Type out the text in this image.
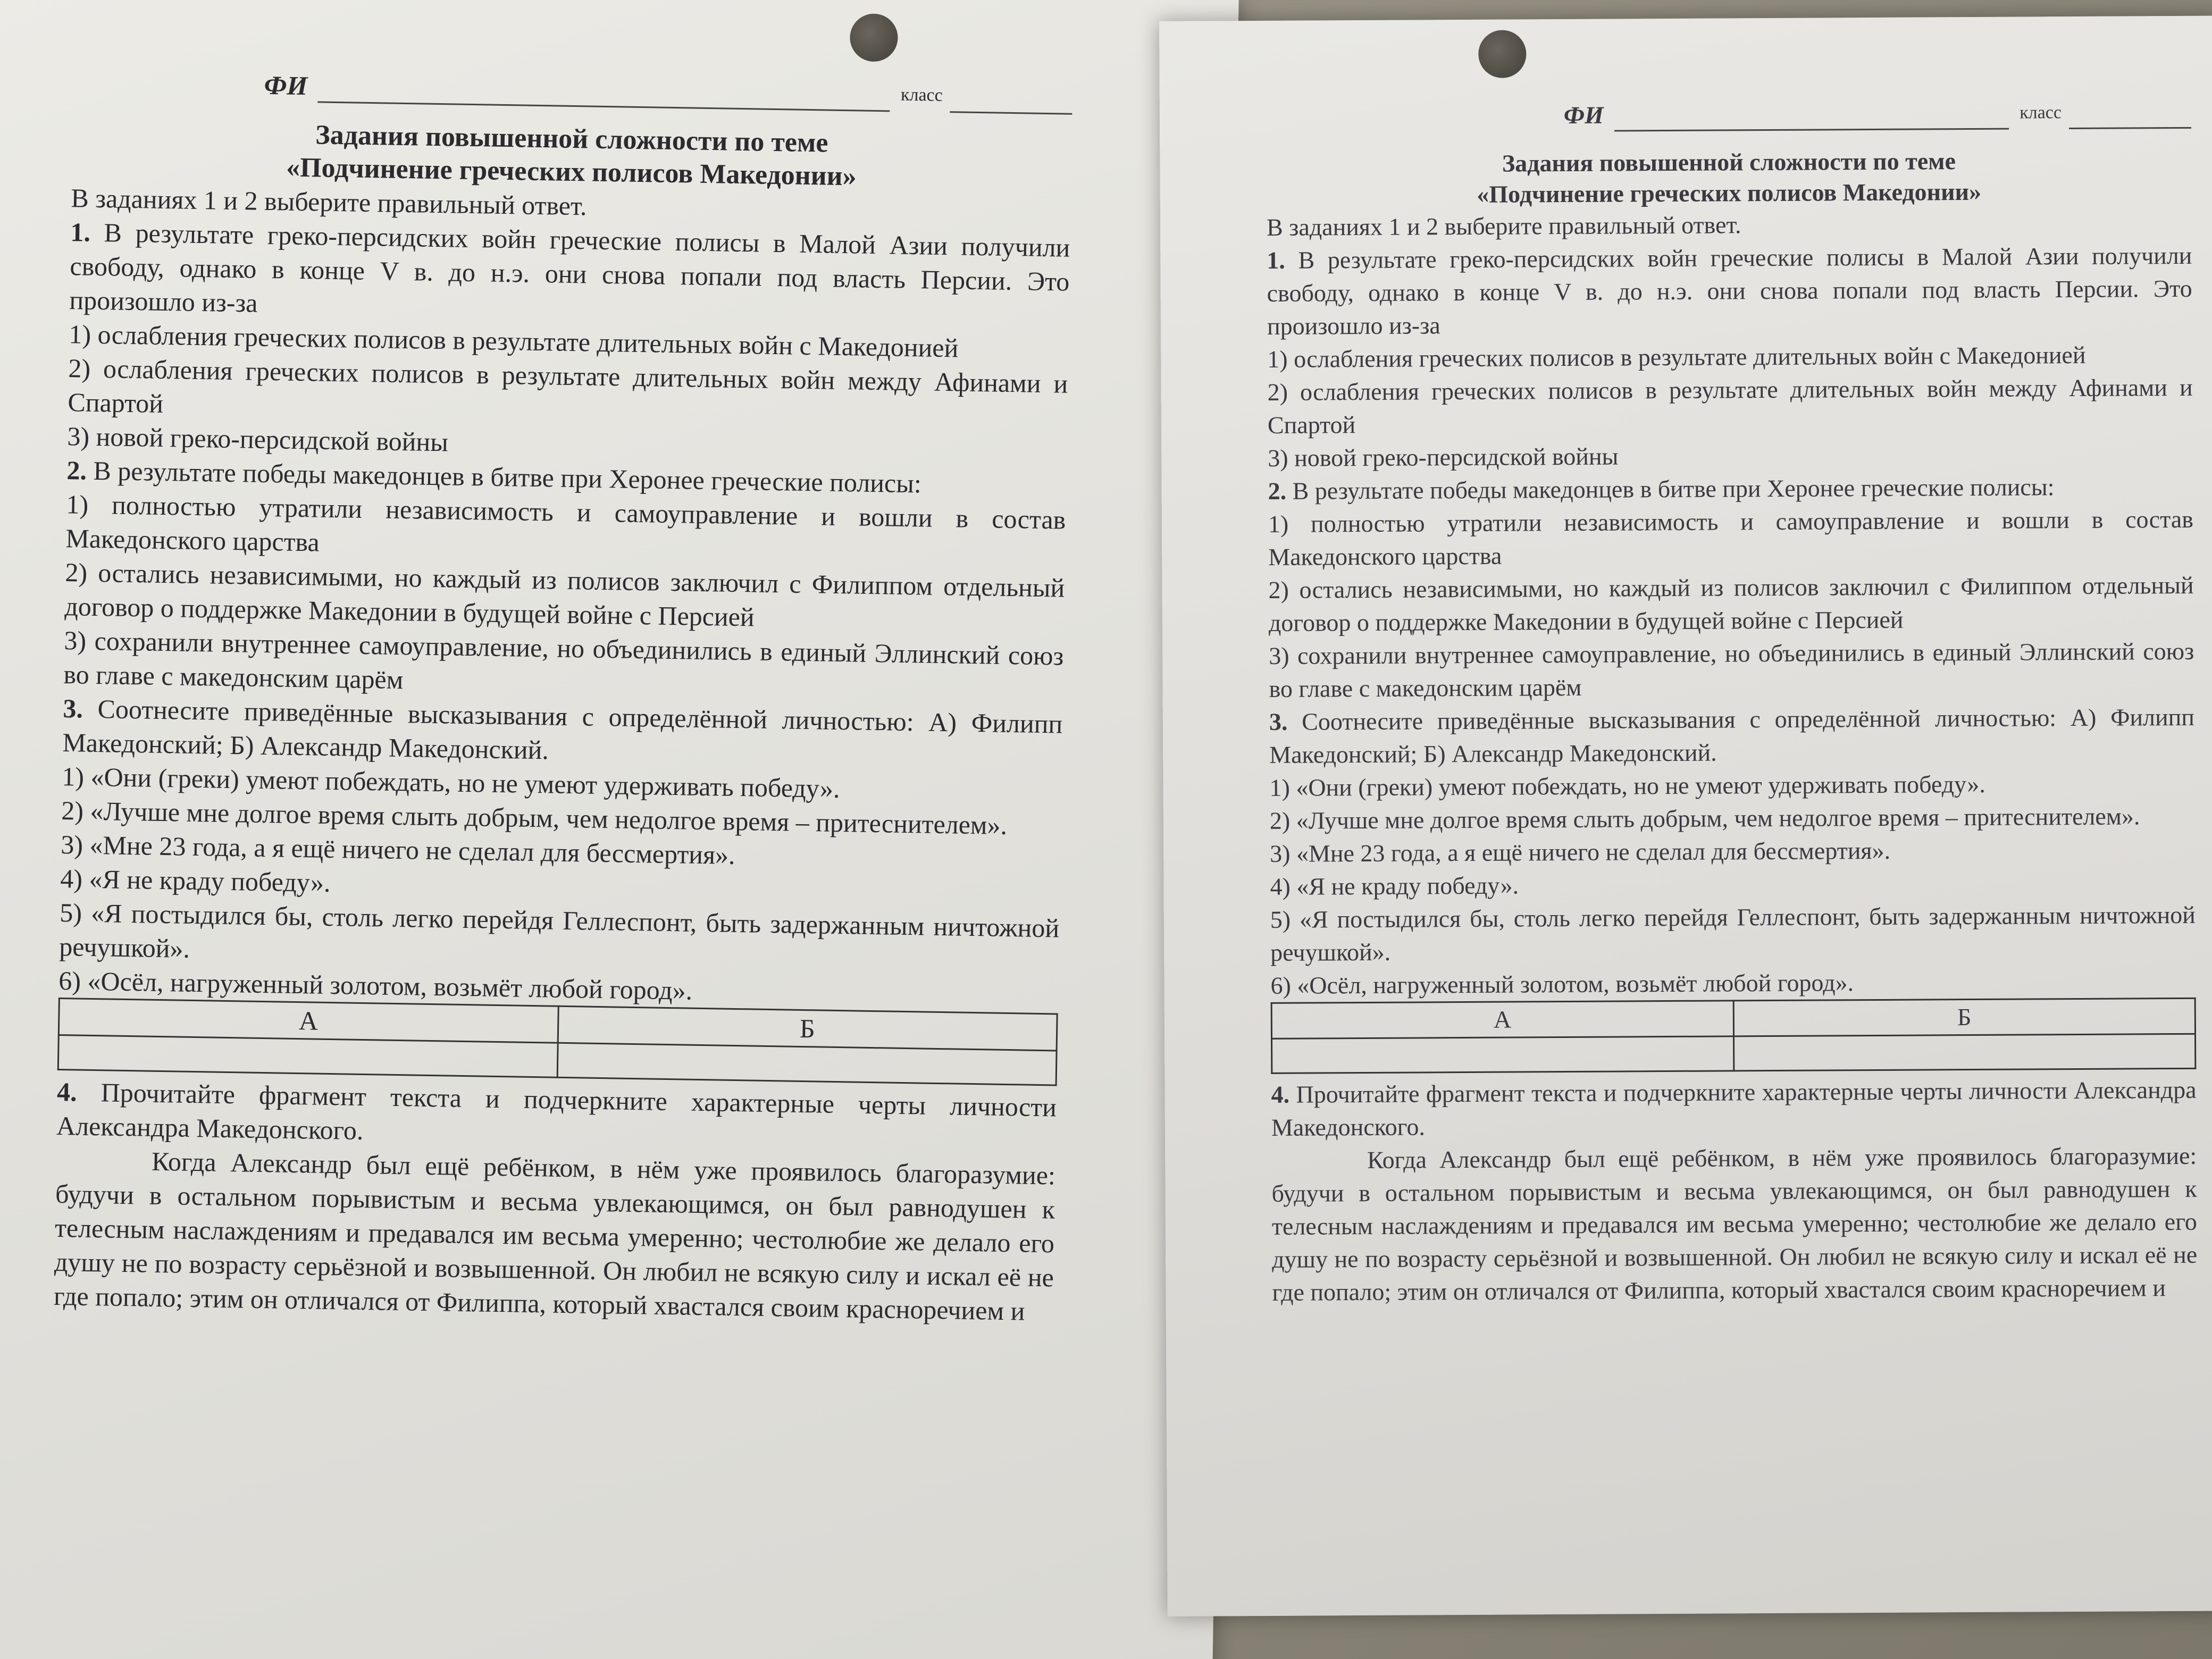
ФИ	класс
Задания повышенной сложности по теме
«Подчинение греческих полисов Македонии»

В заданиях 1 и 2 выберите правильный ответ.

1. В результате греко-персидских войн греческие полисы в Малой Азии получили свободу, однако в конце V в. до н.э. они снова попали под власть Персии. Это произошло из-за

1) ослабления греческих полисов в результате длительных войн с Македонией

2) ослабления греческих полисов в результате длительных войн между Афинами и Спартой

3) новой греко-персидской войны

2. В результате победы македонцев в битве при Херонее греческие полисы:

1) полностью утратили независимость и самоуправление и вошли в состав Македонского царства

2) остались независимыми, но каждый из полисов заключил с Филиппом отдельный договор о поддержке Македонии в будущей войне с Персией

3) сохранили внутреннее самоуправление, но объединились в единый Эллинский союз во главе с македонским царём

3. Соотнесите приведённые высказывания с определённой личностью: А) Филипп Македонский; Б) Александр Македонский.

1) «Они (греки) умеют побеждать, но не умеют удерживать победу».

2) «Лучше мне долгое время слыть добрым, чем недолгое время – притеснителем».

3) «Мне 23 года, а я ещё ничего не сделал для бессмертия».

4) «Я не краду победу».

5) «Я постыдился бы, столь легко перейдя Геллеспонт, быть задержанным ничтожной речушкой».

6) «Осёл, нагруженный золотом, возьмёт любой город».

А	Б

4. Прочитайте фрагмент текста и подчеркните характерные черты личности Александра Македонского.

Когда Александр был ещё ребёнком, в нём уже проявилось благоразумие: будучи в остальном порывистым и весьма увлекающимся, он был равнодушен к телесным наслаждениям и предавался им весьма умеренно; честолюбие же делало его душу не по возрасту серьёзной и возвышенной. Он любил не всякую силу и искал её не где попало; этим он отличался от Филиппа, который хвастался своим красноречием и

ФИ	класс
Задания повышенной сложности по теме
«Подчинение греческих полисов Македонии»

В заданиях 1 и 2 выберите правильный ответ.

1. В результате греко-персидских войн греческие полисы в Малой Азии получили свободу, однако в конце V в. до н.э. они снова попали под власть Персии. Это произошло из-за

1) ослабления греческих полисов в результате длительных войн с Македонией

2) ослабления греческих полисов в результате длительных войн между Афинами и Спартой

3) новой греко-персидской войны

2. В результате победы македонцев в битве при Херонее греческие полисы:

1) полностью утратили независимость и самоуправление и вошли в состав Македонского царства

2) остались независимыми, но каждый из полисов заключил с Филиппом отдельный договор о поддержке Македонии в будущей войне с Персией

3) сохранили внутреннее самоуправление, но объединились в единый Эллинский союз во главе с македонским царём

3. Соотнесите приведённые высказывания с определённой личностью: А) Филипп Македонский; Б) Александр Македонский.

1) «Они (греки) умеют побеждать, но не умеют удерживать победу».

2) «Лучше мне долгое время слыть добрым, чем недолгое время – притеснителем».

3) «Мне 23 года, а я ещё ничего не сделал для бессмертия».

4) «Я не краду победу».

5) «Я постыдился бы, столь легко перейдя Геллеспонт, быть задержанным ничтожной речушкой».

6) «Осёл, нагруженный золотом, возьмёт любой город».

А	Б

4. Прочитайте фрагмент текста и подчеркните характерные черты личности Александра Македонского.

Когда Александр был ещё ребёнком, в нём уже проявилось благоразумие: будучи в остальном порывистым и весьма увлекающимся, он был равнодушен к телесным наслаждениям и предавался им весьма умеренно; честолюбие же делало его душу не по возрасту серьёзной и возвышенной. Он любил не всякую силу и искал её не где попало; этим он отличался от Филиппа, который хвастался своим красноречием и
